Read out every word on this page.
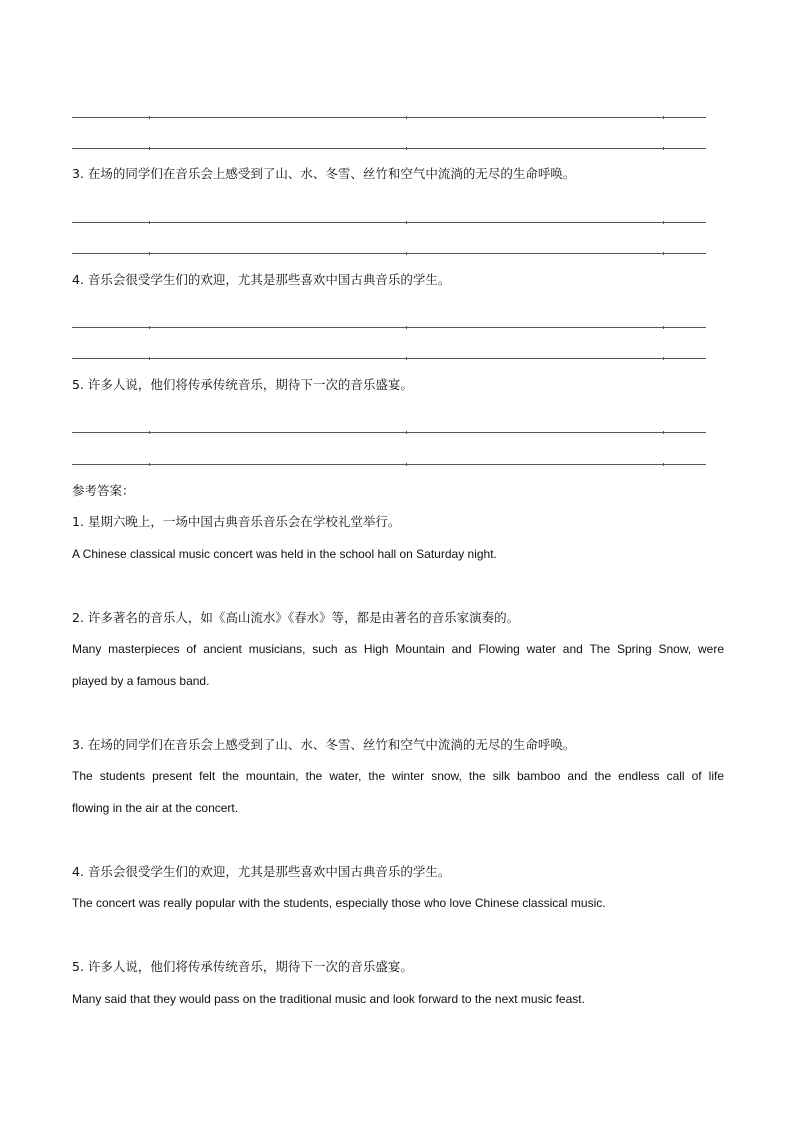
3. 在场的同学们在音乐会上感受到了山、水、冬雪、丝竹和空气中流淌的无尽的生命呼唤。
4. 音乐会很受学生们的欢迎，尤其是那些喜欢中国古典音乐的学生。
5. 许多人说，他们将传承传统音乐，期待下一次的音乐盛宴。
参考答案：
1. 星期六晚上，一场中国古典音乐音乐会在学校礼堂举行。
A Chinese classical music concert was held in the school hall on Saturday night.
2. 许多著名的音乐人，如《高山流水》《春水》等，都是由著名的音乐家演奏的。
Many masterpieces of ancient musicians, such as High Mountain and Flowing water and The Spring Snow, were
played by a famous band.
3. 在场的同学们在音乐会上感受到了山、水、冬雪、丝竹和空气中流淌的无尽的生命呼唤。
The students present felt the mountain, the water, the winter snow, the silk bamboo and the endless call of life
flowing in the air at the concert.
4. 音乐会很受学生们的欢迎，尤其是那些喜欢中国古典音乐的学生。
The concert was really popular with the students, especially those who love Chinese classical music.
5. 许多人说，他们将传承传统音乐，期待下一次的音乐盛宴。
Many said that they would pass on the traditional music and look forward to the next music feast.
